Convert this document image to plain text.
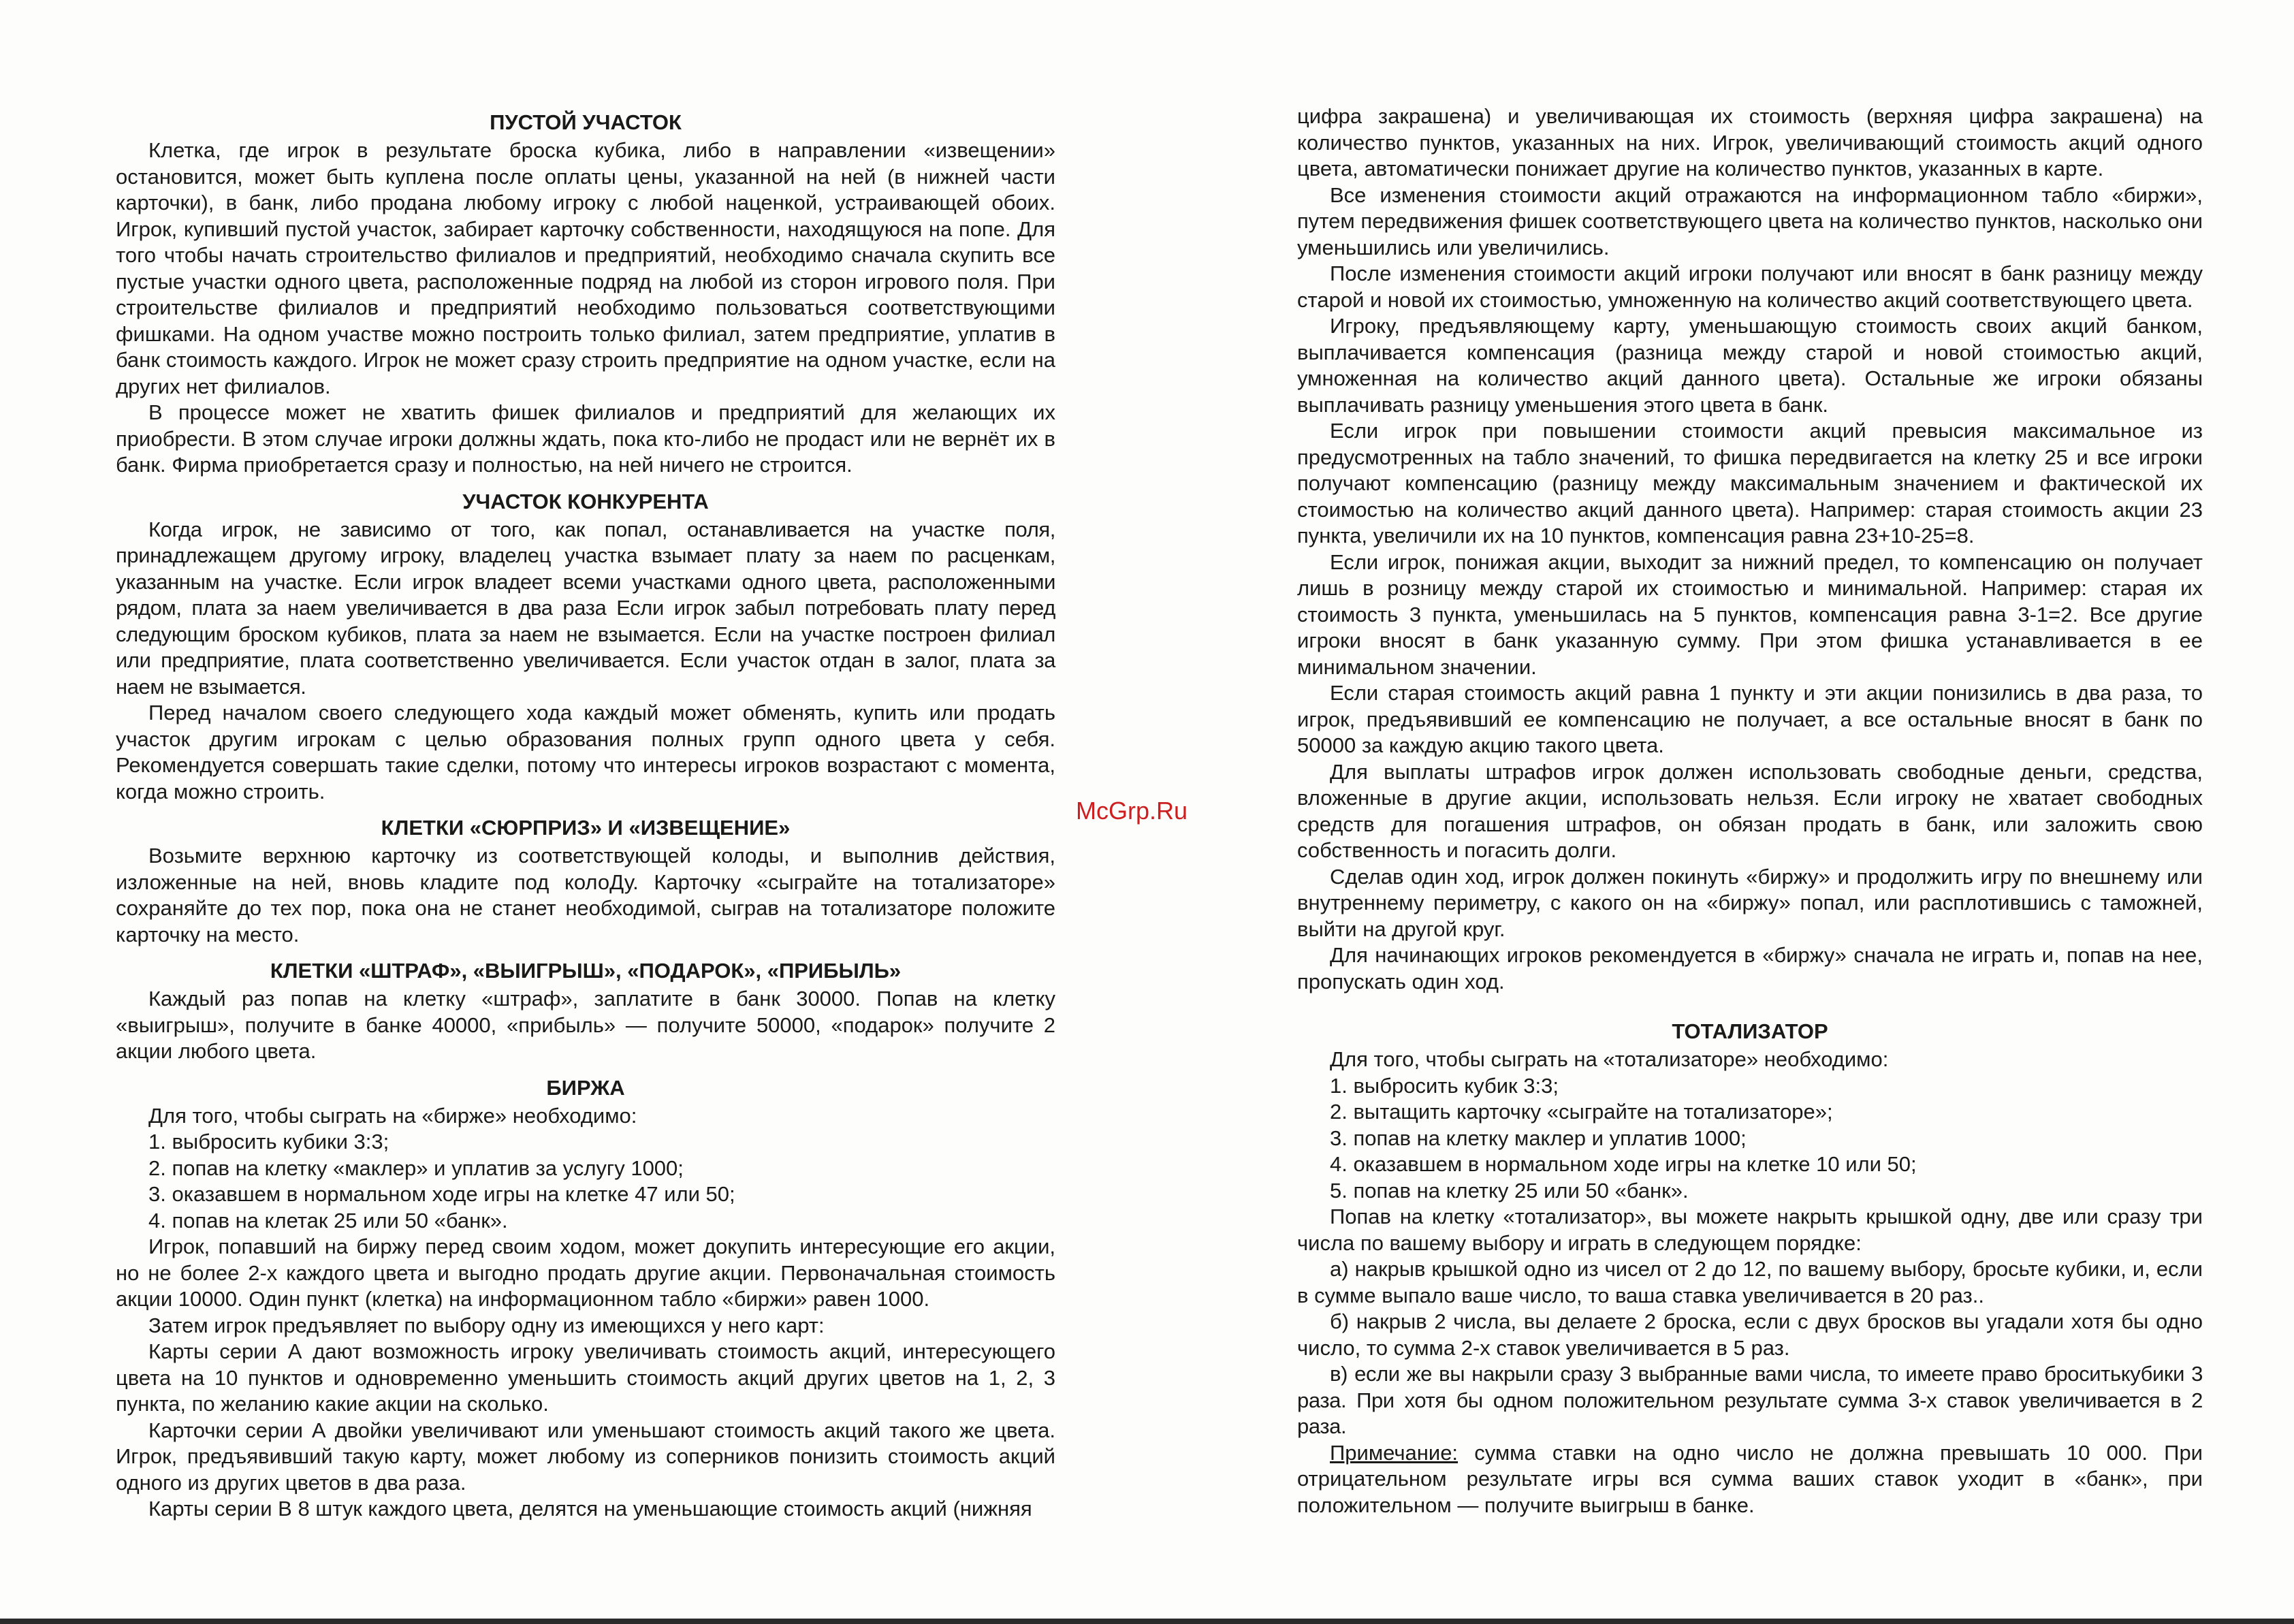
ПУСТОЙ УЧАСТОК

Клетка, где игрок в результате броска кубика, либо в направлении «извещении» остановится, может быть куплена после оплаты цены, указанной на ней (в нижней части карточки), в банк, либо продана любому игроку с любой наценкой, устраивающей обоих. Игрок, купивший пустой участок, забирает карточку собственности, находящуюся на попе. Для того чтобы начать строительство филиалов и предприятий, необходимо сначала скупить все пустые участки одного цвета, расположенные подряд на любой из сторон игрового поля. При строительстве филиалов и предприятий необходимо пользоваться соответствующими фишками. На одном участве можно построить только филиал, затем предприятие, уплатив в банк стоимость каждого. Игрок не может сразу строить предприятие на одном участке, если на других нет филиалов.

В процессе может не хватить фишек филиалов и предприятий для желающих их приобрести. В этом случае игроки должны ждать, пока кто-либо не продаст или не вернёт их в банк. Фирма приобретается сразу и полностью, на ней ничего не строится.

УЧАСТОК КОНКУРЕНТА

Когда игрок, не зависимо от того, как попал, останавливается на участке поля, принадлежащем другому игроку, владелец участка взымает плату за наем по расценкам, указанным на участке. Если игрок владеет всеми участками одного цвета, расположенными рядом, плата за наем увеличивается в два раза Если игрок забыл потребовать плату перед следующим броском кубиков, плата за наем не взымается. Если на участке построен филиал или предприятие, плата соответственно увеличивается. Если участок отдан в залог, плата за наем не взымается.

Перед началом своего следующего хода каждый может обменять, купить или продать участок другим игрокам с целью образования полных групп одного цвета у себя. Рекомендуется совершать такие сделки, потому что интересы игроков возрастают с момента, когда можно строить.

КЛЕТКИ «СЮРПРИЗ» И «ИЗВЕЩЕНИЕ»

Возьмите верхнюю карточку из соответствующей колоды, и выполнив действия, изложенные на ней, вновь кладите под колоДу. Карточку «сыграйте на тотализаторе» сохраняйте до тех пор, пока она не станет необходимой, сыграв на тотализаторе положите карточку на место.

КЛЕТКИ «ШТРАФ», «ВЫИГРЫШ», «ПОДАРОК», «ПРИБЫЛЬ»

Каждый раз попав на клетку «штраф», заплатите в банк 30000. Попав на клетку «выигрыш», получите в банке 40000, «прибыль» — получите 50000, «подарок» получите 2 акции любого цвета.

БИРЖА

Для того, чтобы сыграть на «бирже» необходимо:

1. выбросить кубики 3:3;

2. попав на клетку «маклер» и уплатив за услугу 1000;

3. оказавшем в нормальном ходе игры на клетке 47 или 50;

4. попав на клетак 25 или 50 «банк».

Игрок, попавший на биржу перед своим ходом, может докупить интересующие его акции, но не более 2-х каждого цвета и выгодно продать другие акции. Первоначальная стоимость акции 10000. Один пункт (клетка) на информационном табло «биржи» равен 1000.

Затем игрок предъявляет по выбору одну из имеющихся у него карт:

Карты серии А дают возможность игроку увеличивать стоимость акций, интересующего цвета на 10 пунктов и одновременно уменьшить стоимость акций других цветов на 1, 2, 3 пункта, по желанию какие акции на сколько.

Карточки серии А двойки увеличивают или уменьшают стоимость акций такого же цвета. Игрок, предъявивший такую карту, может любому из соперников понизить стоимость акций одного из других цветов в два раза.

Карты серии В 8 штук каждого цвета, делятся на уменьшающие стоимость акций (нижняя

McGrp.Ru

цифра закрашена) и увеличивающая их стоимость (верхняя цифра закрашена) на количество пунктов, указанных на них. Игрок, увеличивающий стоимость акций одного цвета, автоматически понижает другие на количество пунктов, указанных в карте.

Все изменения стоимости акций отражаются на информационном табло «биржи», путем передвижения фишек соответствующего цвета на количество пунктов, насколько они уменьшились или увеличились.

После изменения стоимости акций игроки получают или вносят в банк разницу между старой и новой их стоимостью, умноженную на количество акций соответствующего цвета.

Игроку, предъявляющему карту, уменьшающую стоимость своих акций банком, выплачивается компенсация (разница между старой и новой стоимостью акций, умноженная на количество акций данного цвета). Остальные же игроки обязаны выплачивать разницу уменьшения этого цвета в банк.

Если игрок при повышении стоимости акций превысия максимальное из предусмотренных на табло значений, то фишка передвигается на клетку 25 и все игроки получают компенсацию (разницу между максимальным значением и фактической их стоимостью на количество акций данного цвета). Например: старая стоимость акции 23 пункта, увеличили их на 10 пунктов, компенсация равна 23+10-25=8.

Если игрок, понижая акции, выходит за нижний предел, то компенсацию он получает лишь в розницу между старой их стоимостью и минимальной. Например: старая их стоимость 3 пункта, уменьшилась на 5 пунктов, компенсация равна 3-1=2. Все другие игроки вносят в банк указанную сумму. При этом фишка устанавливается в ее минимальном значении.

Если старая стоимость акций равна 1 пункту и эти акции понизились в два раза, то игрок, предъявивший ее компенсацию не получает, а все остальные вносят в банк по 50000 за каждую акцию такого цвета.

Для выплаты штрафов игрок должен использовать свободные деньги, средства, вложенные в другие акции, использовать нельзя. Если игроку не хватает свободных средств для погашения штрафов, он обязан продать в банк, или заложить свою собственность и погасить долги.

Сделав один ход, игрок должен покинуть «биржу» и продолжить игру по внешнему или внутреннему периметру, с какого он на «биржу» попал, или расплотившись с таможней, выйти на другой круг.

Для начинающих игроков рекомендуется в «биржу» сначала не играть и, попав на нее, пропускать один ход.

ТОТАЛИЗАТОР

Для того, чтобы сыграть на «тотализаторе» необходимо:

1. выбросить кубик 3:3;

2. вытащить карточку «сыграйте на тотализаторе»;

3. попав на клетку маклер и уплатив 1000;

4. оказавшем в нормальном ходе игры на клетке 10 или 50;

5. попав на клетку 25 или 50 «банк».

Попав на клетку «тотализатор», вы можете накрыть крышкой одну, две или сразу три числа по вашему выбору и играть в следующем порядке:

а) накрыв крышкой одно из чисел от 2 до 12, по вашему выбору, бросьте кубики, и, если в сумме выпало ваше число, то ваша ставка увеличивается в 20 раз..

б) накрыв 2 числа, вы делаете 2 броска, если с двух бросков вы угадали хотя бы одно число, то сумма 2-х ставок увеличивается в 5 раз.

в) если же вы накрыли сразу 3 выбранные вами числа, то имеете право броситькубики 3 раза. При хотя бы одном положительном результате сумма 3-х ставок увеличивается в 2 раза.

Примечание: сумма ставки на одно число не должна превышать 10 000. При отрицательном результате игры вся сумма ваших ставок уходит в «банк», при положительном — получите выигрыш в банке.
